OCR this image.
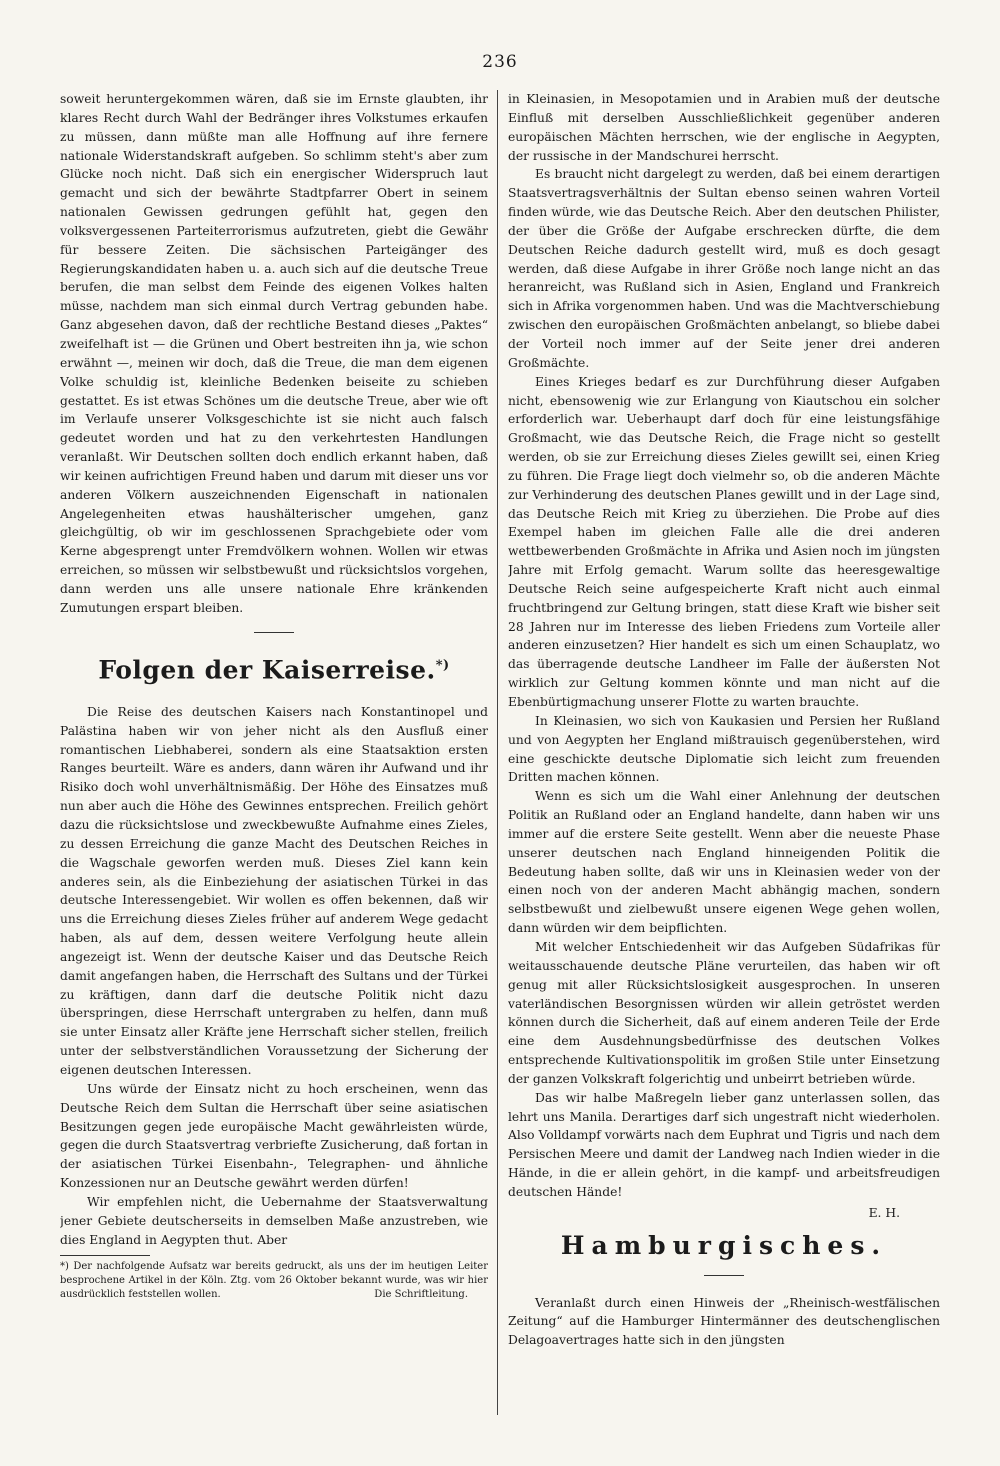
236

soweit heruntergekommen wären, daß sie im Ernste glaubten, ihr klares Recht durch Wahl der Bedränger ihres Volkstumes erkaufen zu müssen, dann müßte man alle Hoffnung auf ihre fernere nationale Widerstandskraft aufgeben. So schlimm steht's aber zum Glücke noch nicht. Daß sich ein energischer Widerspruch laut gemacht und sich der bewährte Stadtpfarrer Obert in seinem nationalen Gewissen gedrungen gefühlt hat, gegen den volksvergessenen Parteiterrorismus aufzutreten, giebt die Gewähr für bessere Zeiten. Die sächsischen Parteigänger des Regierungskandidaten haben u. a. auch sich auf die deutsche Treue berufen, die man selbst dem Feinde des eigenen Volkes halten müsse, nachdem man sich einmal durch Vertrag gebunden habe. Ganz abgesehen davon, daß der rechtliche Bestand dieses „Paktes“ zweifelhaft ist — die Grünen und Obert bestreiten ihn ja, wie schon erwähnt —, meinen wir doch, daß die Treue, die man dem eigenen Volke schuldig ist, kleinliche Bedenken beiseite zu schieben gestattet. Es ist etwas Schönes um die deutsche Treue, aber wie oft im Verlaufe unserer Volksgeschichte ist sie nicht auch falsch gedeutet worden und hat zu den verkehrtesten Handlungen veranlaßt. Wir Deutschen sollten doch endlich erkannt haben, daß wir keinen aufrichtigen Freund haben und darum mit dieser uns vor anderen Völkern auszeichnenden Eigenschaft in nationalen Angelegenheiten etwas haushälterischer umgehen, ganz gleichgültig, ob wir im geschlossenen Sprachgebiete oder vom Kerne abgesprengt unter Fremdvölkern wohnen. Wollen wir etwas erreichen, so müssen wir selbstbewußt und rücksichtslos vorgehen, dann werden uns alle unsere nationale Ehre kränkenden Zumutungen erspart bleiben.

Folgen der Kaiserreise.*)

Die Reise des deutschen Kaisers nach Konstantinopel und Palästina haben wir von jeher nicht als den Ausfluß einer romantischen Liebhaberei, sondern als eine Staatsaktion ersten Ranges beurteilt. Wäre es anders, dann wären ihr Aufwand und ihr Risiko doch wohl unverhältnismäßig. Der Höhe des Einsatzes muß nun aber auch die Höhe des Gewinnes entsprechen. Freilich gehört dazu die rücksichtslose und zweckbewußte Aufnahme eines Zieles, zu dessen Erreichung die ganze Macht des Deutschen Reiches in die Wagschale geworfen werden muß. Dieses Ziel kann kein anderes sein, als die Einbeziehung der asiatischen Türkei in das deutsche Interessengebiet. Wir wollen es offen bekennen, daß wir uns die Erreichung dieses Zieles früher auf anderem Wege gedacht haben, als auf dem, dessen weitere Verfolgung heute allein angezeigt ist. Wenn der deutsche Kaiser und das Deutsche Reich damit angefangen haben, die Herrschaft des Sultans und der Türkei zu kräftigen, dann darf die deutsche Politik nicht dazu überspringen, diese Herrschaft untergraben zu helfen, dann muß sie unter Einsatz aller Kräfte jene Herrschaft sicher stellen, freilich unter der selbstverständlichen Voraussetzung der Sicherung der eigenen deutschen Interessen.

Uns würde der Einsatz nicht zu hoch erscheinen, wenn das Deutsche Reich dem Sultan die Herrschaft über seine asiatischen Besitzungen gegen jede europäische Macht gewährleisten würde, gegen die durch Staatsvertrag verbriefte Zusicherung, daß fortan in der asiatischen Türkei Eisenbahn-, Telegraphen- und ähnliche Konzessionen nur an Deutsche gewährt werden dürfen!

Wir empfehlen nicht, die Uebernahme der Staatsverwaltung jener Gebiete deutscherseits in demselben Maße anzustreben, wie dies England in Aegypten thut. Aber

*) Der nachfolgende Aufsatz war bereits gedruckt, als uns der im heutigen Leiter besprochene Artikel in der Köln. Ztg. vom 26 Oktober bekannt wurde, was wir hier ausdrücklich feststellen wollen.	Die Schriftleitung.

in Kleinasien, in Mesopotamien und in Arabien muß der deutsche Einfluß mit derselben Ausschließlichkeit gegenüber anderen europäischen Mächten herrschen, wie der englische in Aegypten, der russische in der Mandschurei herrscht.

Es braucht nicht dargelegt zu werden, daß bei einem derartigen Staatsvertragsverhältnis der Sultan ebenso seinen wahren Vorteil finden würde, wie das Deutsche Reich. Aber den deutschen Philister, der über die Größe der Aufgabe erschrecken dürfte, die dem Deutschen Reiche dadurch gestellt wird, muß es doch gesagt werden, daß diese Aufgabe in ihrer Größe noch lange nicht an das heranreicht, was Rußland sich in Asien, England und Frankreich sich in Afrika vorgenommen haben. Und was die Machtverschiebung zwischen den europäischen Großmächten anbelangt, so bliebe dabei der Vorteil noch immer auf der Seite jener drei anderen Großmächte.

Eines Krieges bedarf es zur Durchführung dieser Aufgaben nicht, ebensowenig wie zur Erlangung von Kiautschou ein solcher erforderlich war. Ueberhaupt darf doch für eine leistungsfähige Großmacht, wie das Deutsche Reich, die Frage nicht so gestellt werden, ob sie zur Erreichung dieses Zieles gewillt sei, einen Krieg zu führen. Die Frage liegt doch vielmehr so, ob die anderen Mächte zur Verhinderung des deutschen Planes gewillt und in der Lage sind, das Deutsche Reich mit Krieg zu überziehen. Die Probe auf dies Exempel haben im gleichen Falle alle die drei anderen wettbewerbenden Großmächte in Afrika und Asien noch im jüngsten Jahre mit Erfolg gemacht. Warum sollte das heeresgewaltige Deutsche Reich seine aufgespeicherte Kraft nicht auch einmal fruchtbringend zur Geltung bringen, statt diese Kraft wie bisher seit 28 Jahren nur im Interesse des lieben Friedens zum Vorteile aller anderen einzusetzen? Hier handelt es sich um einen Schauplatz, wo das überragende deutsche Landheer im Falle der äußersten Not wirklich zur Geltung kommen könnte und man nicht auf die Ebenbürtigmachung unserer Flotte zu warten brauchte.

In Kleinasien, wo sich von Kaukasien und Persien her Rußland und von Aegypten her England mißtrauisch gegenüberstehen, wird eine geschickte deutsche Diplomatie sich leicht zum freuenden Dritten machen können.

Wenn es sich um die Wahl einer Anlehnung der deutschen Politik an Rußland oder an England handelte, dann haben wir uns immer auf die erstere Seite gestellt. Wenn aber die neueste Phase unserer deutschen nach England hinneigenden Politik die Bedeutung haben sollte, daß wir uns in Kleinasien weder von der einen noch von der anderen Macht abhängig machen, sondern selbstbewußt und zielbewußt unsere eigenen Wege gehen wollen, dann würden wir dem beipflichten.

Mit welcher Entschiedenheit wir das Aufgeben Südafrikas für weitausschauende deutsche Pläne verurteilen, das haben wir oft genug mit aller Rücksichtslosigkeit ausgesprochen. In unseren vaterländischen Besorgnissen würden wir allein getröstet werden können durch die Sicherheit, daß auf einem anderen Teile der Erde eine dem Ausdehnungsbedürfnisse des deutschen Volkes entsprechende Kultivationspolitik im großen Stile unter Einsetzung der ganzen Volkskraft folgerichtig und unbeirrt betrieben würde.

Das wir halbe Maßregeln lieber ganz unterlassen sollen, das lehrt uns Manila. Derartiges darf sich ungestraft nicht wiederholen. Also Volldampf vorwärts nach dem Euphrat und Tigris und nach dem Persischen Meere und damit der Landweg nach Indien wieder in die Hände, in die er allein gehört, in die kampf- und arbeitsfreudigen deutschen Hände!

E. H.

Hamburgisches.

Veranlaßt durch einen Hinweis der „Rheinisch-westfälischen Zeitung“ auf die Hamburger Hintermänner des deutschenglischen Delagoavertrages hatte sich in den jüngsten
